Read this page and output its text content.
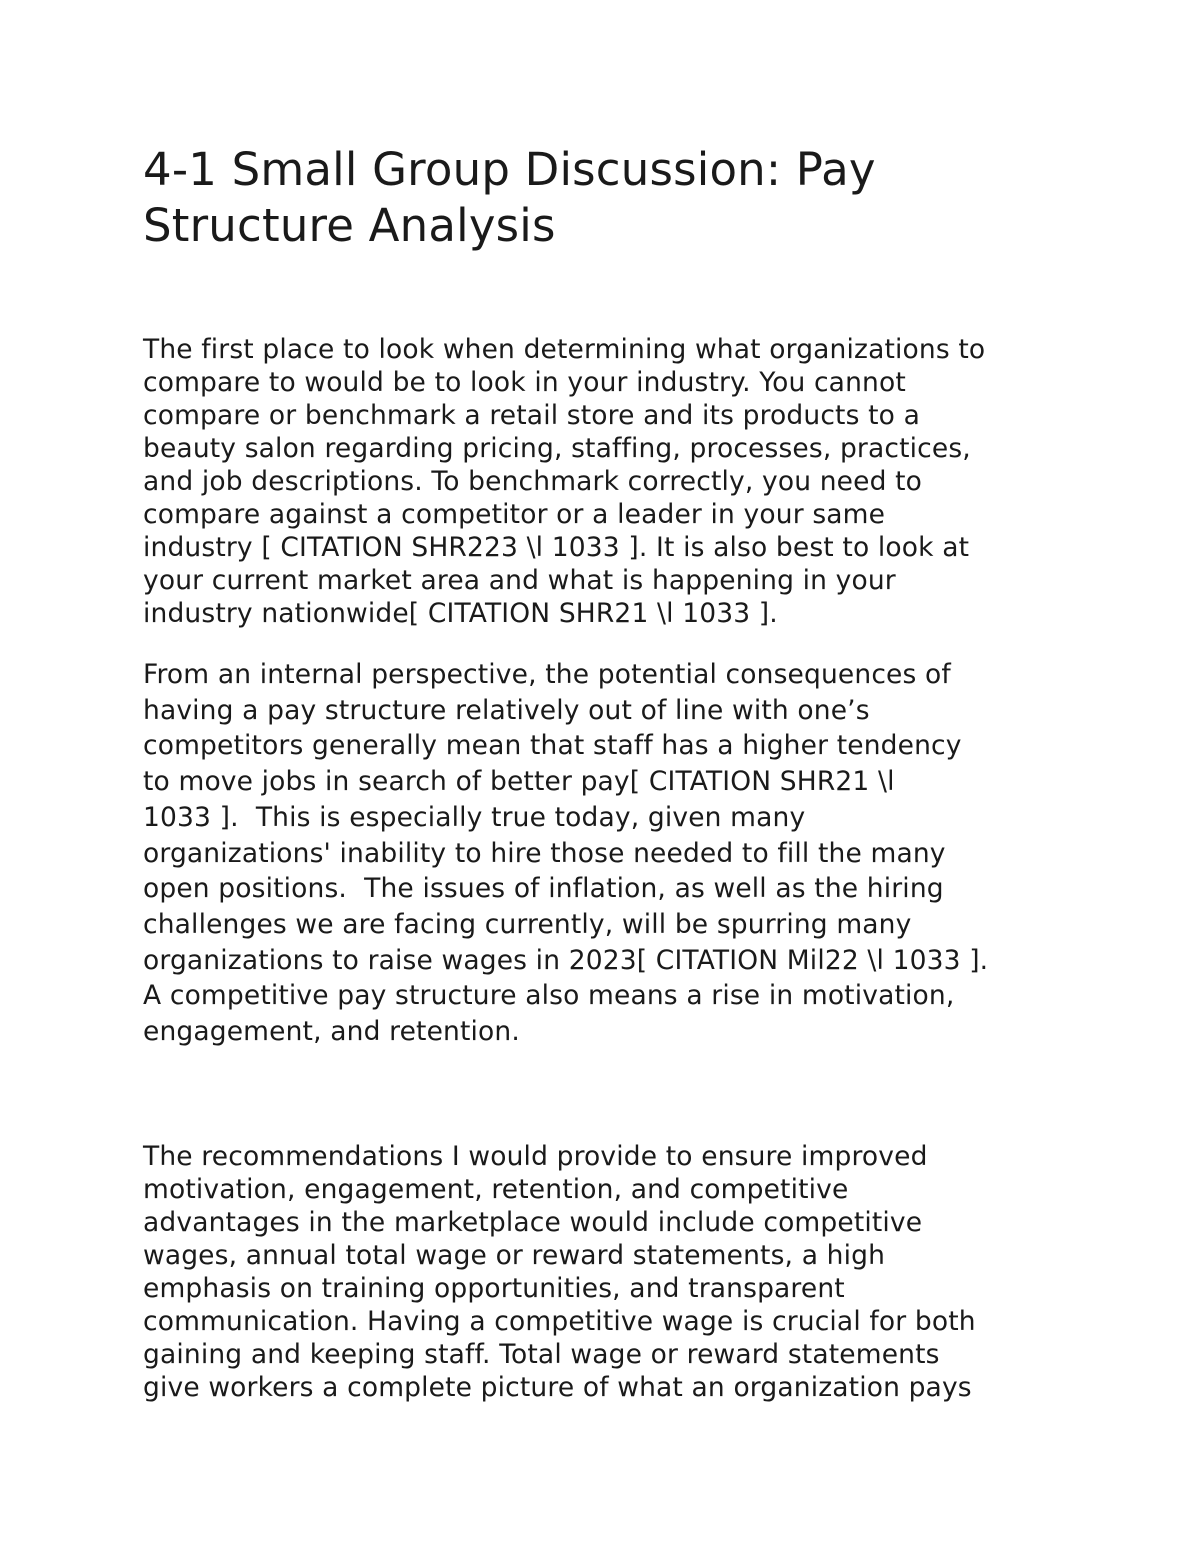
4-1 Small Group Discussion: Pay
Structure Analysis

The first place to look when determining what organizations to
compare to would be to look in your industry. You cannot
compare or benchmark a retail store and its products to a
beauty salon regarding pricing, staffing, processes, practices,
and job descriptions. To benchmark correctly, you need to
compare against a competitor or a leader in your same
industry [ CITATION SHR223 \l 1033 ]. It is also best to look at
your current market area and what is happening in your
industry nationwide[ CITATION SHR21 \l 1033 ].

From an internal perspective, the potential consequences of
having a pay structure relatively out of line with one’s
competitors generally mean that staff has a higher tendency
to move jobs in search of better pay[ CITATION SHR21 \l
1033 ].  This is especially true today, given many
organizations' inability to hire those needed to fill the many
open positions.  The issues of inflation, as well as the hiring
challenges we are facing currently, will be spurring many
organizations to raise wages in 2023[ CITATION Mil22 \l 1033 ].
A competitive pay structure also means a rise in motivation,
engagement, and retention.

The recommendations I would provide to ensure improved
motivation, engagement, retention, and competitive
advantages in the marketplace would include competitive
wages, annual total wage or reward statements, a high
emphasis on training opportunities, and transparent
communication. Having a competitive wage is crucial for both
gaining and keeping staff. Total wage or reward statements
give workers a complete picture of what an organization pays
